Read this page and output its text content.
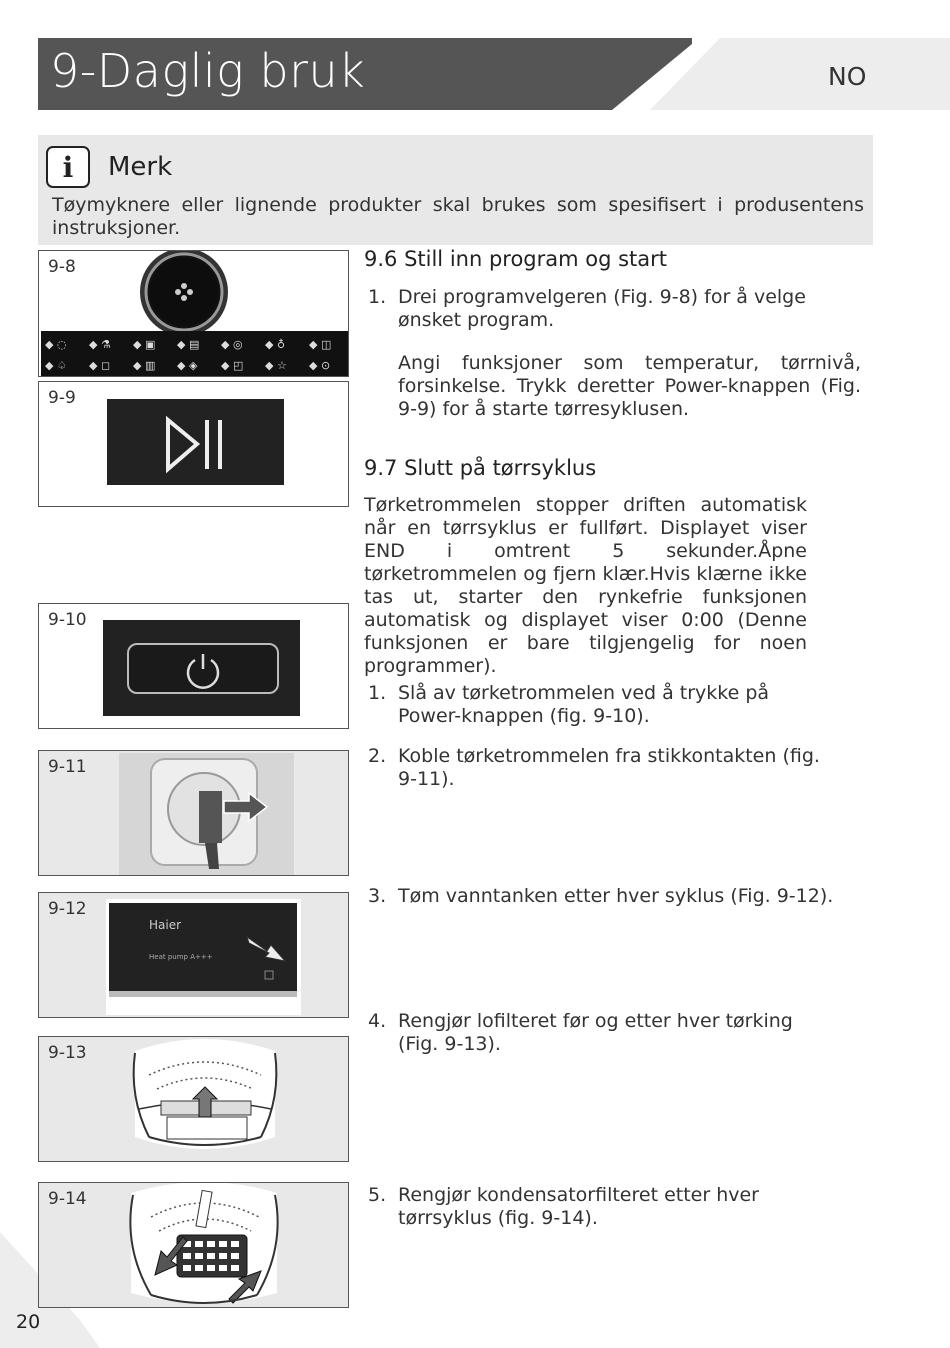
9-Daglig bruk	NO
i	Merk
Tøymyknere eller lignende produkter skal brukes som spesifisert i produsentens instruksjoner.
9-8
◆ ◌ ◆ ⚗ ◆ ▣ ◆ ▤ ◆ ◎ ◆ ♁ ◆ ◫
◆ ♤ ◆ ◻ ◆ ▥ ◆ ◈ ◆ ◰ ◆ ☆ ◆ ⊙
9-9
9-10
9-11
9-12
Haier
Heat pump A+++
9-13
9-14
9.6 Still inn program og start
1. Drei programvelgeren (Fig. 9-8) for å velge ønsket program.
Angi funksjoner som temperatur, tørrnivå, forsinkelse. Trykk deretter Power-knappen (Fig. 9-9) for å starte tørresyklusen.
9.7 Slutt på tørrsyklus
Tørketrommelen stopper driften automatisk når en tørrsyklus er fullført. Displayet viser END i omtrent 5 sekunder.Åpne tørketrommelen og fjern klær.Hvis klærne ikke tas ut, starter den rynkefrie funksjonen automatisk og displayet viser 0:00 (Denne funksjonen er bare tilgjengelig for noen programmer).
1. Slå av tørketrommelen ved å trykke på Power-knappen (fig. 9-10).
2. Koble tørketrommelen fra stikkontakten (fig. 9-11).
3. Tøm vanntanken etter hver syklus (Fig. 9-12).
4. Rengjør lofilteret før og etter hver tørking (Fig. 9-13).
5. Rengjør kondensatorfilteret etter hver tørrsyklus (fig. 9-14).
20
